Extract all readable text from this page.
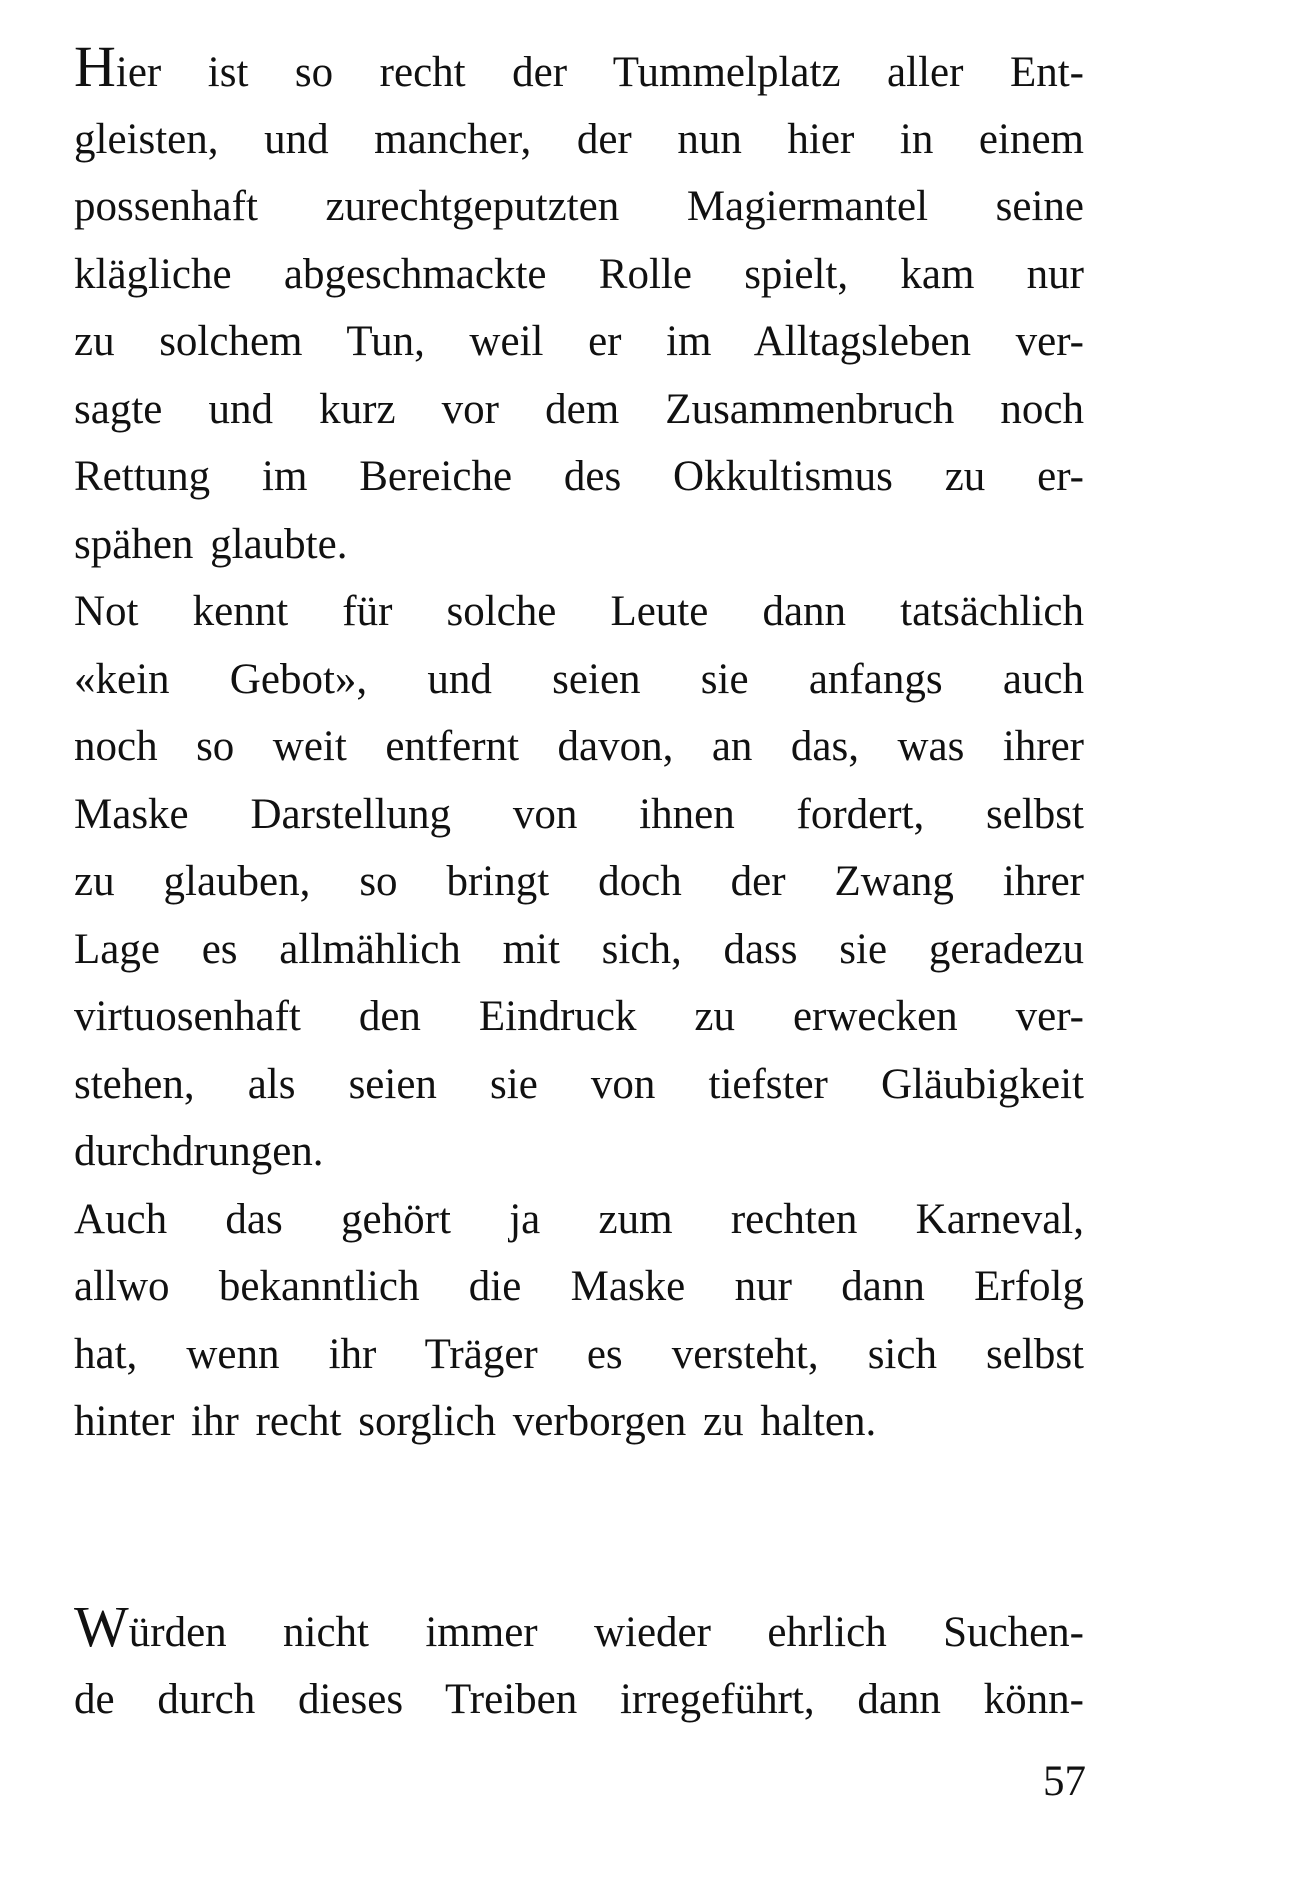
Hier ist so recht der Tummelplatz aller Ent-
gleisten, und mancher, der nun hier in einem
possenhaft zurechtgeputzten Magiermantel seine
klägliche abgeschmackte Rolle spielt, kam nur
zu solchem Tun, weil er im Alltagsleben ver-
sagte und kurz vor dem Zusammenbruch noch
Rettung im Bereiche des Okkultismus zu er-
spähen glaubte.
Not kennt für solche Leute dann tatsächlich
«kein Gebot», und seien sie anfangs auch
noch so weit entfernt davon, an das, was ihrer
Maske Darstellung von ihnen fordert, selbst
zu glauben, so bringt doch der Zwang ihrer
Lage es allmählich mit sich, dass sie geradezu
virtuosenhaft den Eindruck zu erwecken ver-
stehen, als seien sie von tiefster Gläubigkeit
durchdrungen.
Auch das gehört ja zum rechten Karneval,
allwo bekanntlich die Maske nur dann Erfolg
hat, wenn ihr Träger es versteht, sich selbst
hinter ihr recht sorglich verborgen zu halten.
Würden nicht immer wieder ehrlich Suchen-
de durch dieses Treiben irregeführt, dann könn-
57
